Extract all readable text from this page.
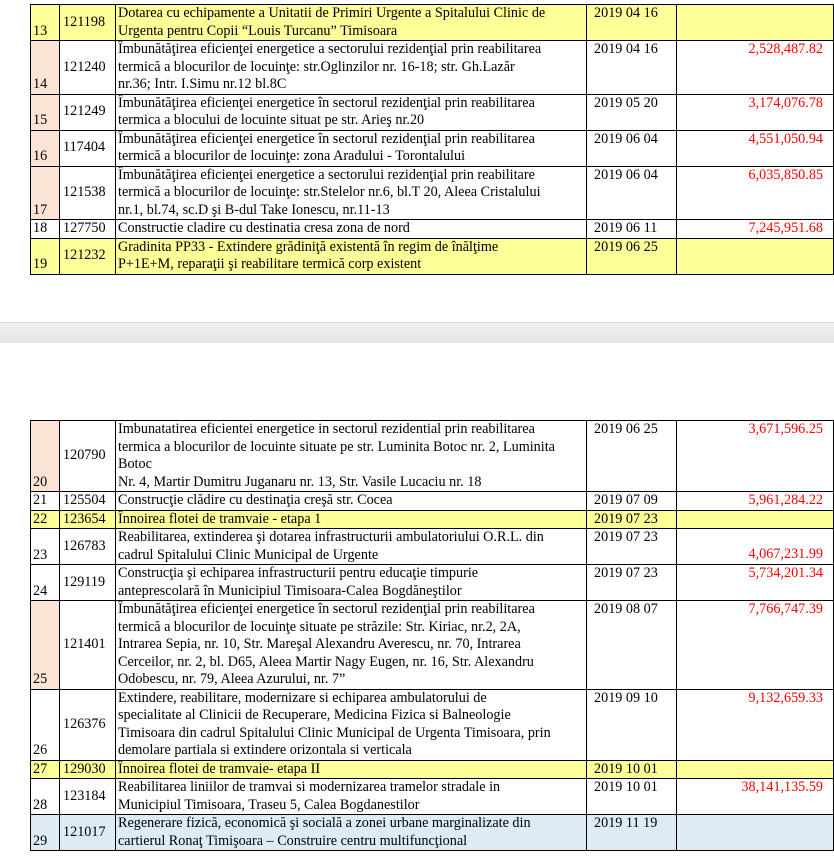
13	121198	Dotarea cu echipamente a Unitatii de Primiri Urgente a Spitalului Clinic de
Urgenta pentru Copii “Louis Turcanu” Timisoara	2019 04 16	
14	121240	Îmbunătăţirea eficienţei energetice a sectorului rezidenţial prin reabilitarea
termică a blocurilor de locuinţe: str.Oglinzilor nr. 16-18; str. Gh.Lazăr
nr.36; Intr. I.Simu nr.12 bl.8C	2019 04 16	2,528,487.82
15	121249	Îmbunătăţirea eficienţei energetice în sectorul rezidenţial prin reabilitarea
termica a blocului de locuinte situat pe str. Arieş nr.20	2019 05 20	3,174,076.78
16	117404	Îmbunătăţirea eficienţei energetice în sectorul rezidenţial prin reabilitarea
termică a blocurilor de locuinţe: zona Aradului - Torontalului	2019 06 04	4,551,050.94
17	121538	Îmbunătăţirea eficienţei energetice a sectorului rezidenţial prin reabilitare
termică a blocurilor de locuinţe: str.Stelelor nr.6, bl.T 20, Aleea Cristalului
nr.1, bl.74, sc.D şi B-dul Take Ionescu, nr.11-13	2019 06 04	6,035,850.85
18	127750	Constructie cladire cu destinatia cresa zona de nord	2019 06 11	7,245,951.68
19	121232	Gradinita PP33 - Extindere grădiniţă existentă în regim de înălţime
P+1E+M, reparaţii şi reabilitare termică corp existent	2019 06 25	
20	120790	Imbunatatirea eficientei energetice in sectorul rezidential prin reabilitarea
termica a blocurilor de locuinte situate pe str. Luminita Botoc nr. 2, Luminita Botoc
Nr. 4, Martir Dumitru Juganaru nr. 13, Str. Vasile Lucaciu nr. 18	2019 06 25	3,671,596.25
21	125504	Construcţie clădire cu destinaţia creşă str. Cocea	2019 07 09	5,961,284.22
22	123654	Înnoirea flotei de tramvaie - etapa 1	2019 07 23	
23	126783	Reabilitarea, extinderea şi dotarea infrastructurii ambulatoriului O.R.L. din
cadrul Spitalului Clinic Municipal de Urgente	2019 07 23	4,067,231.99

24	129119	Construcţia şi echiparea infrastructurii pentru educaţie timpurie
anteprescolară în Municipiul Timisoara-Calea Bogdăneştilor	2019 07 23	5,734,201.34
25	121401	Îmbunătăţirea eficienţei energetice în sectorul rezidenţial prin reabilitarea
termică a blocurilor de locuinţe situate pe străzile: Str. Kiriac, nr.2, 2A,
Intrarea Sepia, nr. 10, Str. Mareşal Alexandru Averescu, nr. 70, Intrarea
Cerceilor, nr. 2, bl. D65, Aleea Martir Nagy Eugen, nr. 16, Str. Alexandru
Odobescu, nr. 79, Aleea Azurului, nr. 7”	2019 08 07	7,766,747.39
26	126376	Extindere, reabilitare, modernizare si echiparea ambulatorului de
specialitate al Clinicii de Recuperare, Medicina Fizica si Balneologie
Timisoara din cadrul Spitalului Clinic Municipal de Urgenta Timisoara, prin
demolare partiala si extindere orizontala si verticala	2019 09 10	9,132,659.33
27	129030	Înnoirea flotei de tramvaie- etapa II	2019 10 01	
28	123184	Reabilitarea liniilor de tramvai si modernizarea tramelor stradale in
Municipiul Timisoara, Traseu 5, Calea Bogdanestilor	2019 10 01	38,141,135.59
29	121017	Regenerare fizică, economică şi socială a zonei urbane marginalizate din
cartierul Ronaţ Timişoara – Construire centru multifuncţional	2019 11 19	
